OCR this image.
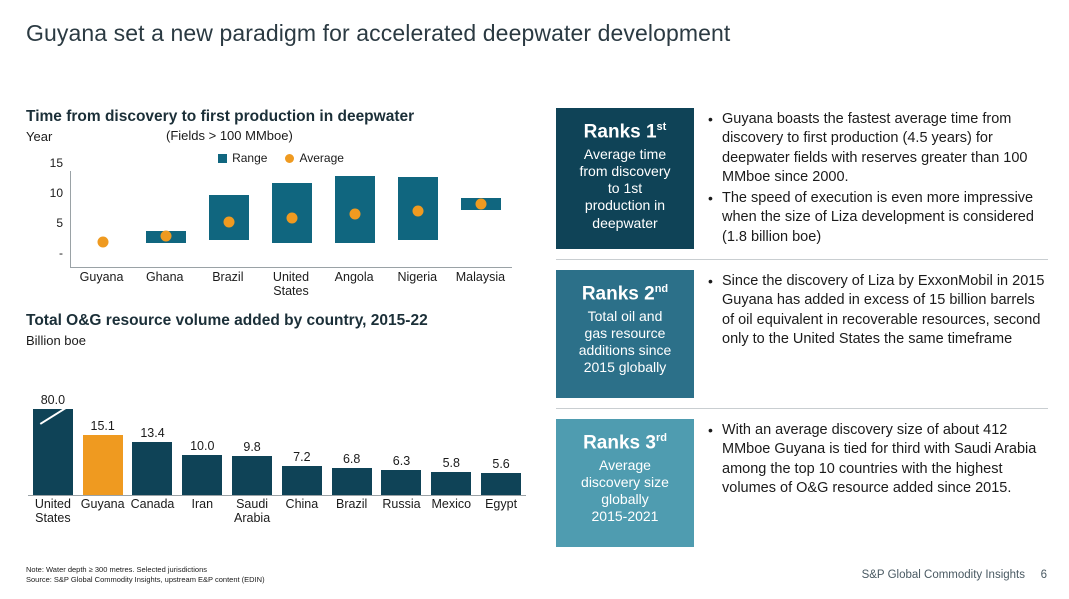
Guyana set a new paradigm for accelerated deepwater development
Time from discovery to first production in deepwater
Year	(Fields > 100 MMboe)
Range	Average
-
5
10
15
Guyana	Ghana	Brazil	United States
Angola	Nigeria	Malaysia
Total O&G resource volume added by country, 2015-22
Billion boe
80.0
15.1 13.4
10.0 9.8
7.2	6.8	6.3	5.8	5.6
United States
Guyana Canada	Iran	Saudi Arabia
China	Brazil	Russia Mexico	Egypt
Ranks 1st
Average time
from discovery
to 1st
production in
deepwater
• Guyana boasts the fastest average time from discovery to first production (4.5 years) for deepwater fields with reserves greater than 100 MMboe since 2000.
• The speed of execution is even more impressive when the size of Liza development is considered (1.8 billion boe)
Ranks 2nd
Total oil and
gas resource
additions since
2015 globally
• Since the discovery of Liza by ExxonMobil in 2015 Guyana has added in excess of 15 billion barrels of oil equivalent in recoverable resources, second only to the United States the same timeframe
Ranks 3rd
Average
discovery size
globally
2015-2021
• With an average discovery size of about 412 MMboe Guyana is tied for third with Saudi Arabia among the top 10 countries with the highest volumes of O&G resource added since 2015.
Note: Water depth ≥ 300 metres. Selected jurisdictions
Source: S&P Global Commodity Insights, upstream E&P content (EDIN)	S&P Global Commodity Insights 6
